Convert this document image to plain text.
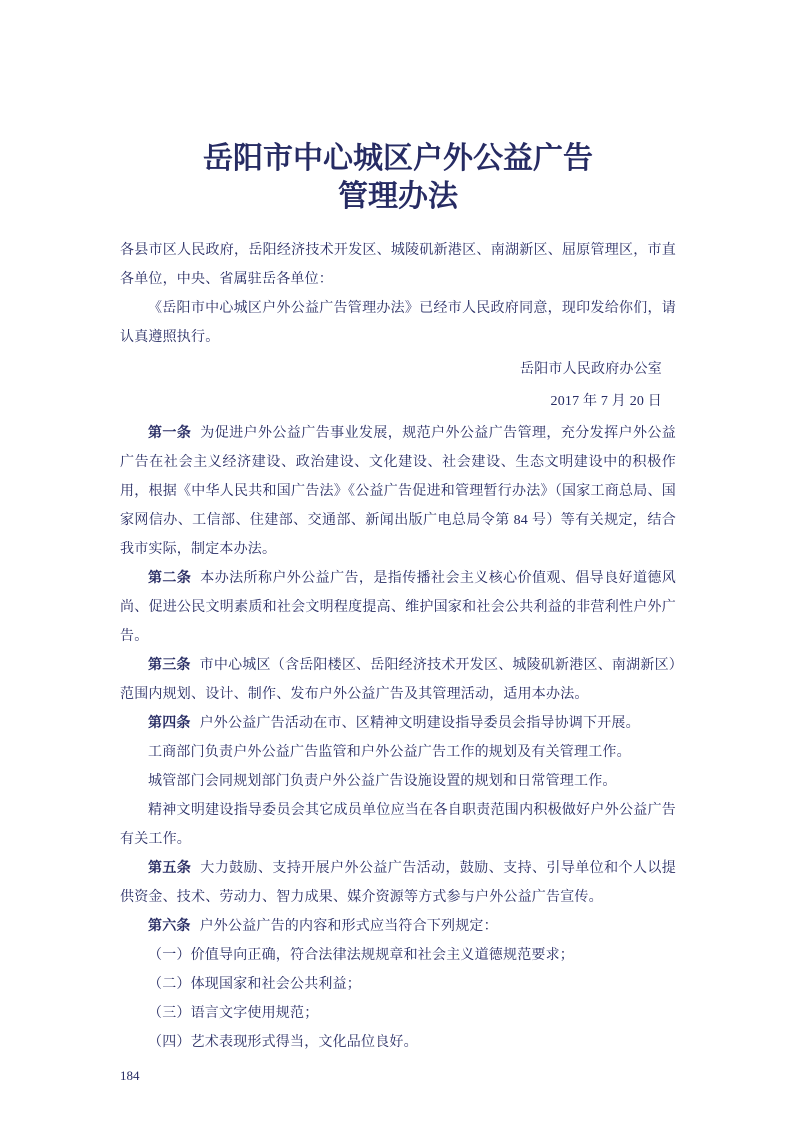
岳阳市中心城区户外公益广告
管理办法

各县市区人民政府，岳阳经济技术开发区、城陵矶新港区、南湖新区、屈原管理区，市直各单位，中央、省属驻岳各单位：

《岳阳市中心城区户外公益广告管理办法》已经市人民政府同意，现印发给你们，请认真遵照执行。

岳阳市人民政府办公室

2017 年 7 月 20 日

第一条 为促进户外公益广告事业发展，规范户外公益广告管理，充分发挥户外公益广告在社会主义经济建设、政治建设、文化建设、社会建设、生态文明建设中的积极作用，根据《中华人民共和国广告法》《公益广告促进和管理暂行办法》（国家工商总局、国家网信办、工信部、住建部、交通部、新闻出版广电总局令第 84 号）等有关规定，结合我市实际，制定本办法。

第二条 本办法所称户外公益广告，是指传播社会主义核心价值观、倡导良好道德风尚、促进公民文明素质和社会文明程度提高、维护国家和社会公共利益的非营利性户外广告。

第三条 市中心城区（含岳阳楼区、岳阳经济技术开发区、城陵矶新港区、南湖新区）范围内规划、设计、制作、发布户外公益广告及其管理活动，适用本办法。

第四条 户外公益广告活动在市、区精神文明建设指导委员会指导协调下开展。

工商部门负责户外公益广告监管和户外公益广告工作的规划及有关管理工作。

城管部门会同规划部门负责户外公益广告设施设置的规划和日常管理工作。

精神文明建设指导委员会其它成员单位应当在各自职责范围内积极做好户外公益广告有关工作。

第五条 大力鼓励、支持开展户外公益广告活动，鼓励、支持、引导单位和个人以提供资金、技术、劳动力、智力成果、媒介资源等方式参与户外公益广告宣传。

第六条 户外公益广告的内容和形式应当符合下列规定：

（一）价值导向正确，符合法律法规规章和社会主义道德规范要求；

（二）体现国家和社会公共利益；

（三）语言文字使用规范；

（四）艺术表现形式得当，文化品位良好。

184
